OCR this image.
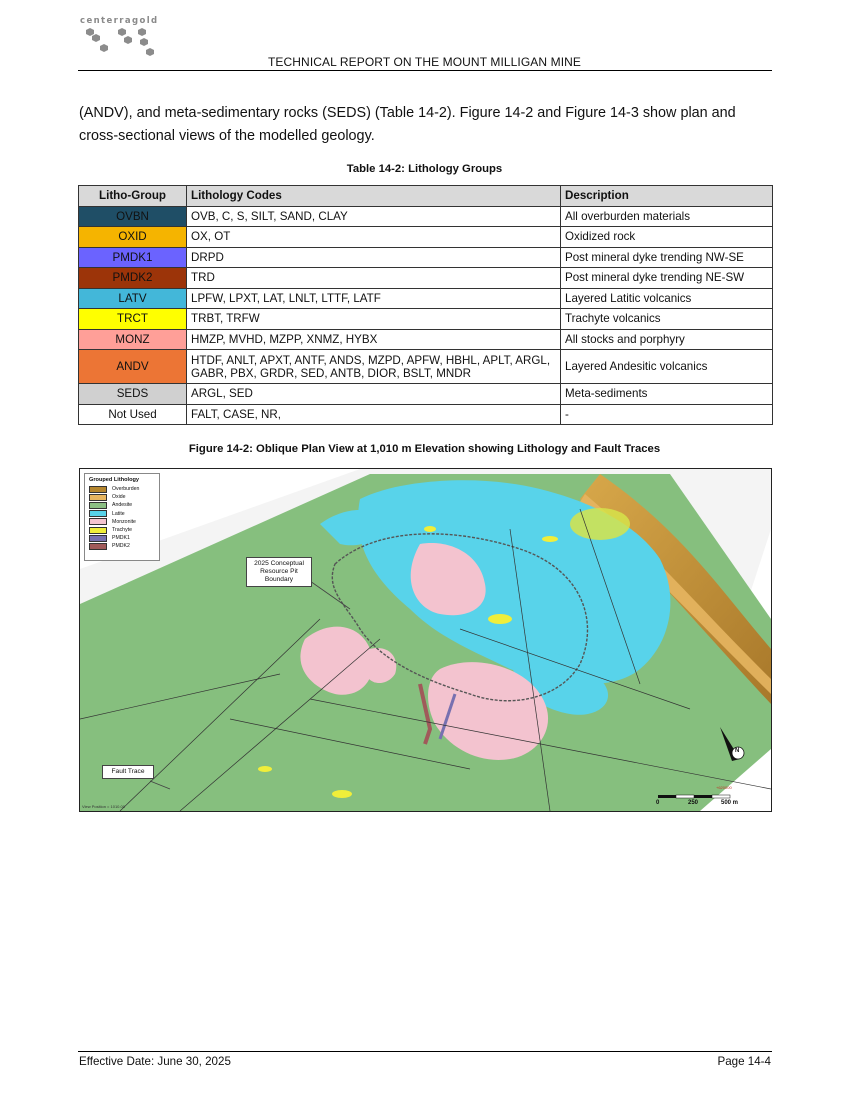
centerragold
TECHNICAL REPORT ON THE MOUNT MILLIGAN MINE

(ANDV), and meta-sedimentary rocks (SEDS) (Table 14-2). Figure 14-2 and Figure 14-3 show plan and cross-sectional views of the modelled geology.

Table 14-2: Lithology Groups
Litho-Group	Lithology Codes	Description
OVBN	OVB, C, S, SILT, SAND, CLAY	All overburden materials
OXID	OX, OT	Oxidized rock
PMDK1	DRPD	Post mineral dyke trending NW-SE
PMDK2	TRD	Post mineral dyke trending NE-SW
LATV	LPFW, LPXT, LAT, LNLT, LTTF, LATF	Layered Latitic volcanics
TRCT	TRBT, TRFW	Trachyte volcanics
MONZ	HMZP, MVHD, MZPP, XNMZ, HYBX	All stocks and porphyry
ANDV	HTDF, ANLT, APXT, ANTF, ANDS, MZPD, APFW, HBHL, APLT, ARGL, GABR, PBX, GRDR, SED, ANTB, DIOR, BSLT, MNDR	Layered Andesitic volcanics
SEDS	ARGL, SED	Meta-sediments
Not Used	FALT, CASE, NR,	-
Figure 14-2: Oblique Plan View at 1,010 m Elevation showing Lithology and Fault Traces
Grouped Lithology
Overburden
Oxide
Andesite
Latite
Monzonite
Trachyte
PMDK1
PMDK2
2025 Conceptual Resource Pit Boundary
Fault Trace
View Position = 1010.00
0	250	500 m
+620000
N
Effective Date: June 30, 2025	Page 14-4
